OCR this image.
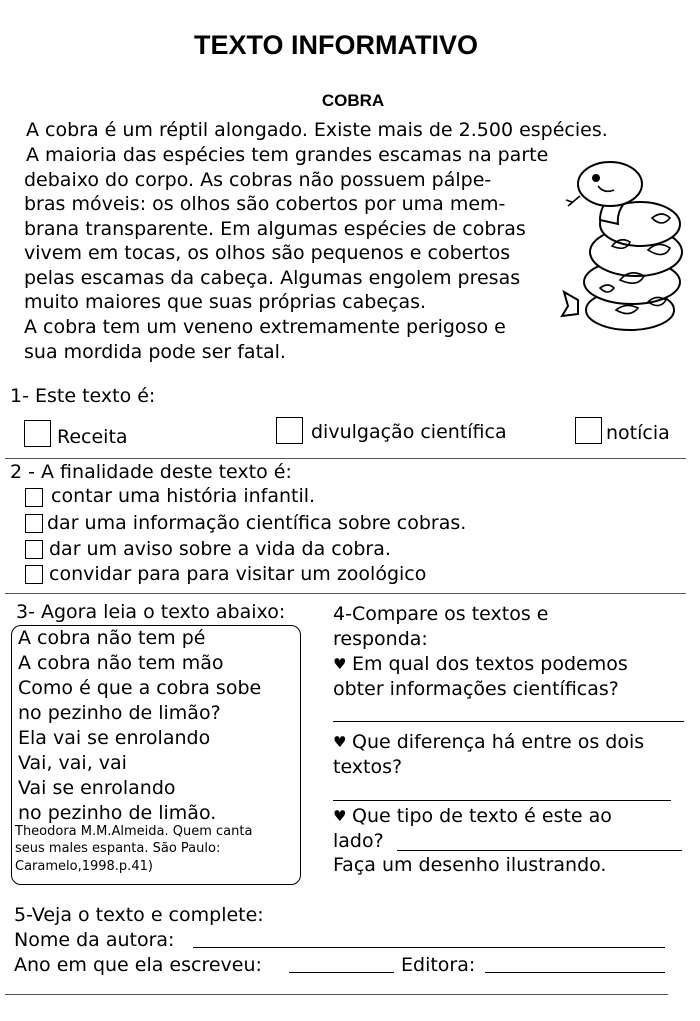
TEXTO INFORMATIVO
COBRA
A cobra é um réptil alongado. Existe mais de 2.500 espécies.
A maioria das espécies tem grandes escamas na parte
debaixo do corpo. As cobras não possuem pálpe-
bras móveis: os olhos são cobertos por uma mem-
brana transparente. Em algumas espécies de cobras
vivem em tocas, os olhos são pequenos e cobertos
pelas escamas da cabeça. Algumas engolem presas
muito maiores que suas próprias cabeças.
A cobra tem um veneno extremamente perigoso e
sua mordida pode ser fatal.
1- Este texto é:
Receita	divulgação científica	notícia
2 - A finalidade deste texto é:
contar uma história infantil.
dar uma informação científica sobre cobras.
dar um aviso sobre a vida da cobra.
convidar para para visitar um zoológico
3- Agora leia o texto abaixo:
A cobra não tem pé
A cobra não tem mão
Como é que a cobra sobe
no pezinho de limão?
Ela vai se enrolando
Vai, vai, vai
Vai se enrolando
no pezinho de limão.
Theodora M.M.Almeida. Quem canta
seus males espanta. São Paulo:
Caramelo,1998.p.41)
4-Compare os textos e
responda:
♥ Em qual dos textos podemos
obter informações científicas?
♥ Que diferença há entre os dois
textos?
♥ Que tipo de texto é este ao
lado?
Faça um desenho ilustrando.
5-Veja o texto e complete:
Nome da autora:
Ano em que ela escreveu:	Editora:
